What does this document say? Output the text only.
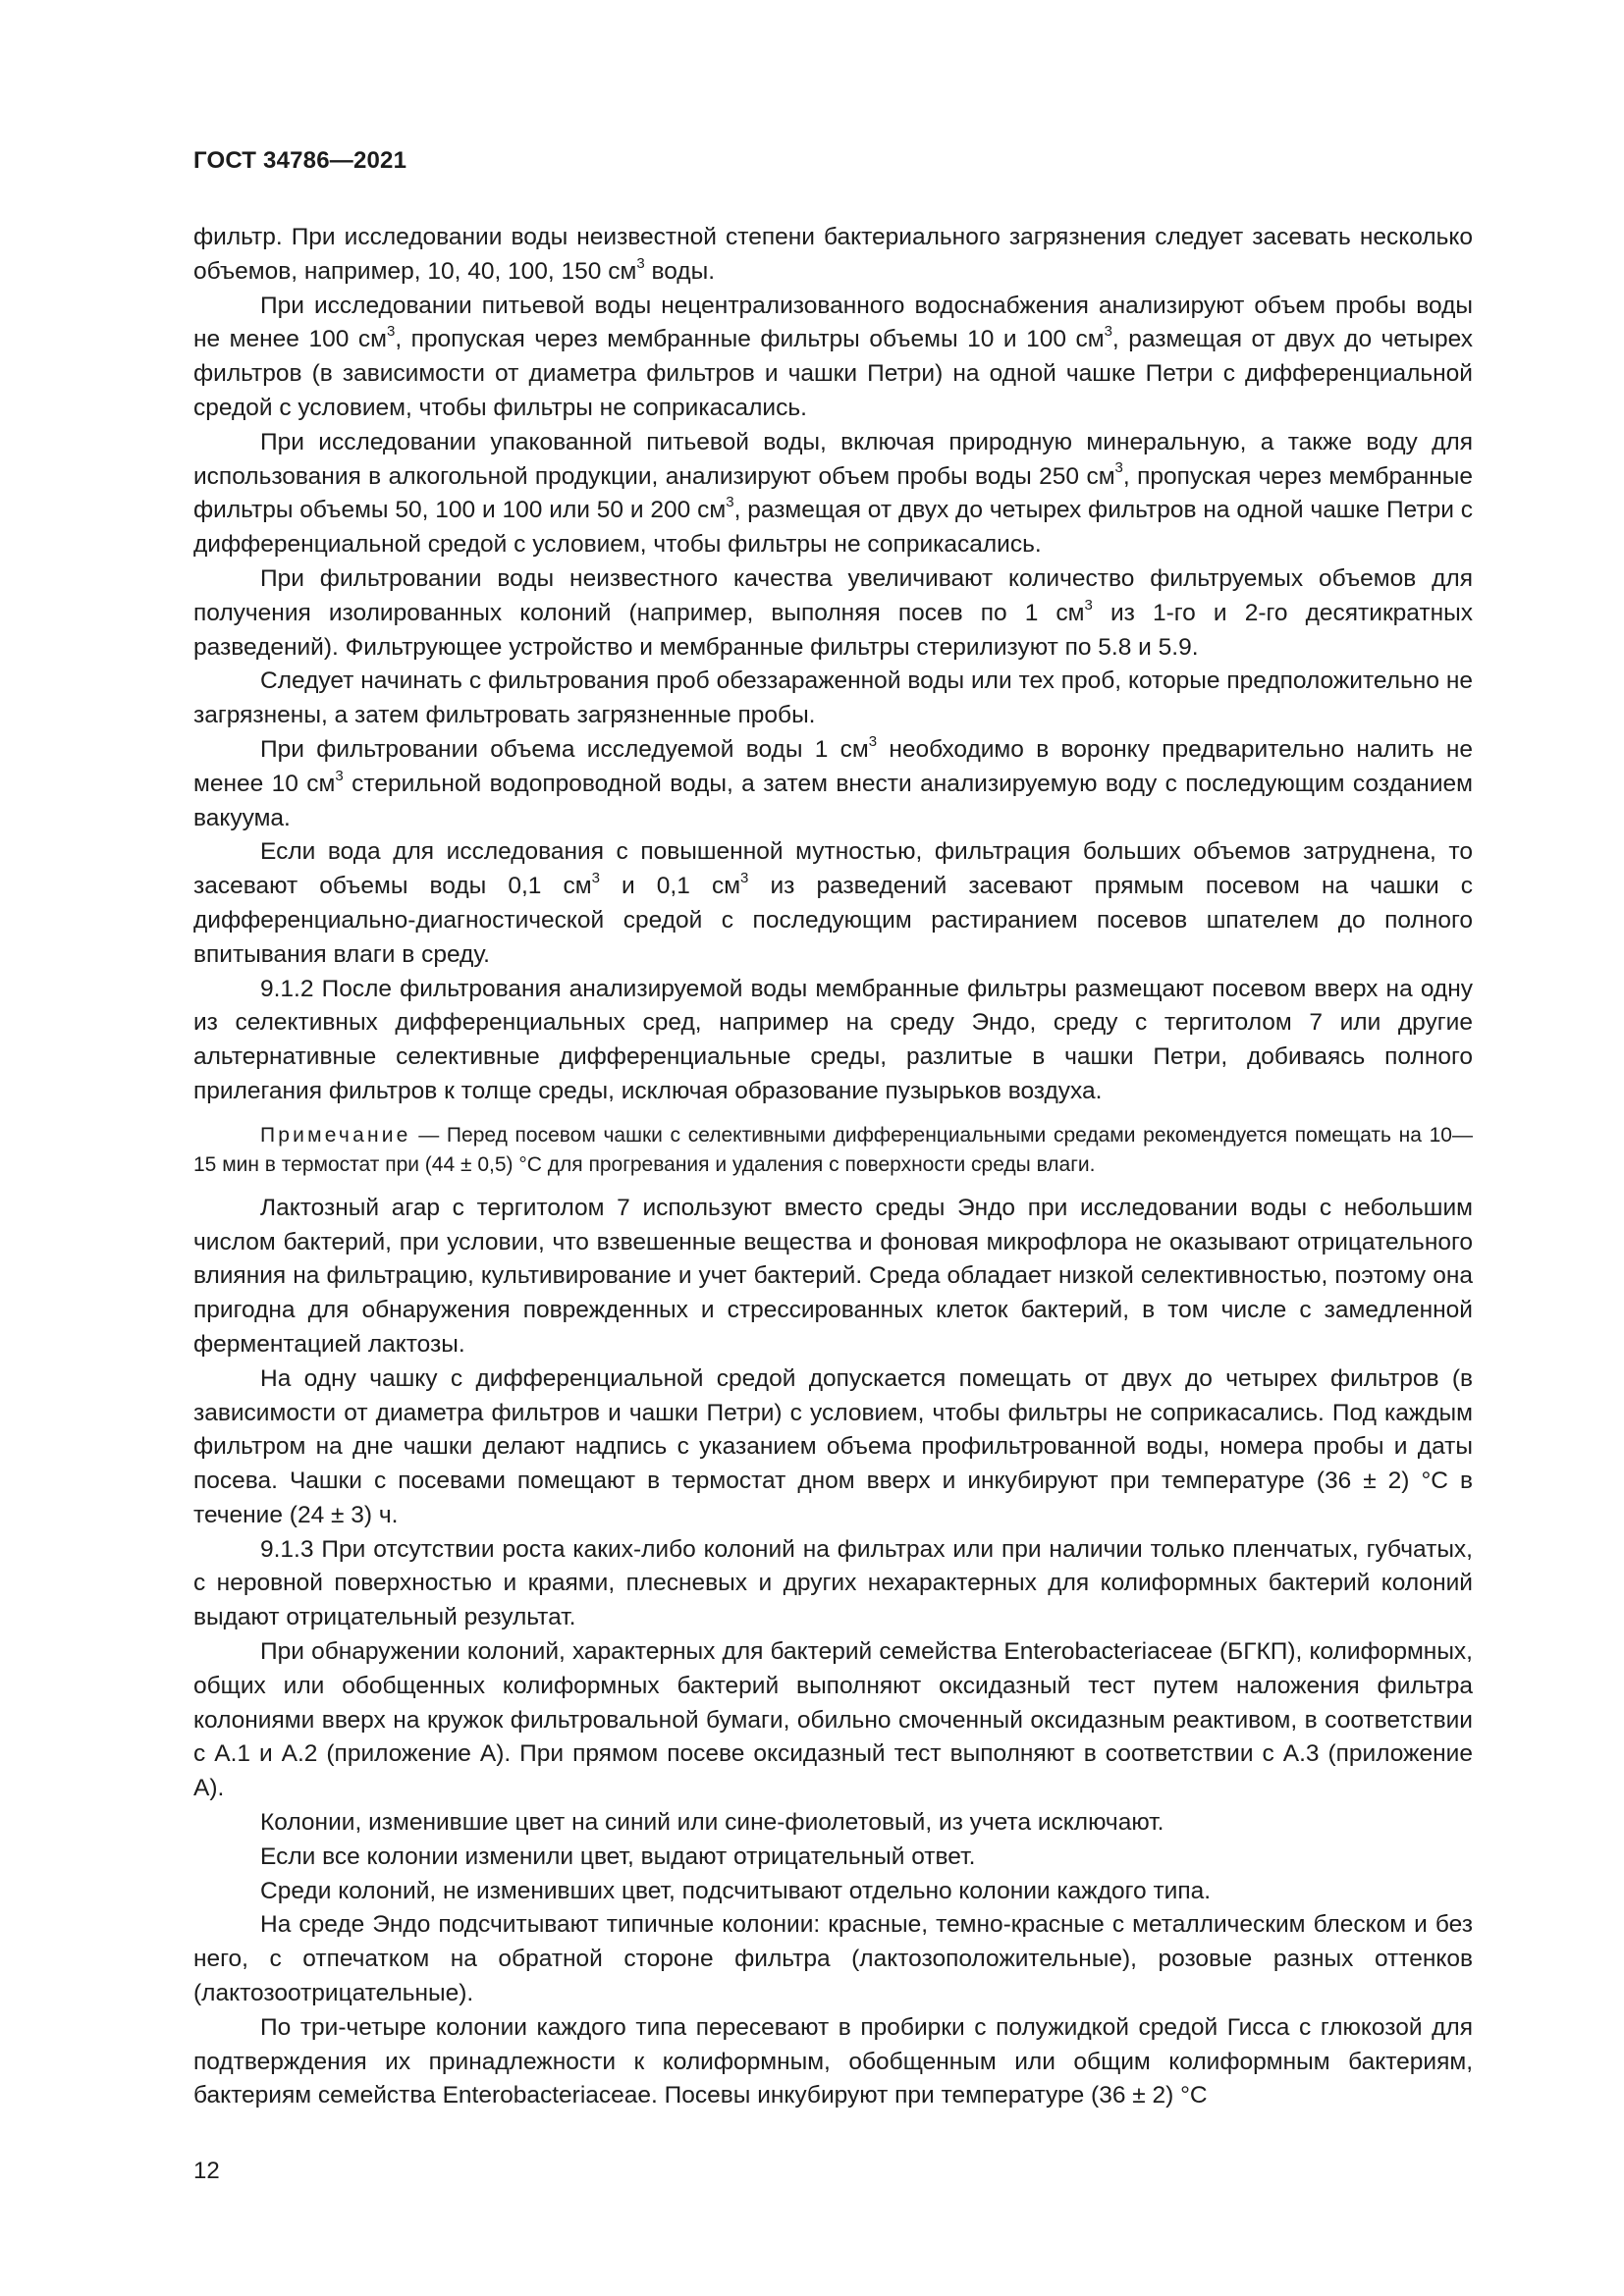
ГОСТ 34786—2021

фильтр. При исследовании воды неизвестной степени бактериального загрязнения следует засевать несколько объемов, например, 10, 40, 100, 150 $см^3$ воды.

При исследовании питьевой воды нецентрализованного водоснабжения анализируют объем пробы воды не менее 100 $см^3$, пропуская через мембранные фильтры объемы 10 и 100 $см^3$, размещая от двух до четырех фильтров (в зависимости от диаметра фильтров и чашки Петри) на одной чашке Петри с дифференциальной средой с условием, чтобы фильтры не соприкасались.

При исследовании упакованной питьевой воды, включая природную минеральную, а также воду для использования в алкогольной продукции, анализируют объем пробы воды 250 $см^3$, пропуская через мембранные фильтры объемы 50, 100 и 100 или 50 и 200 $см^3$, размещая от двух до четырех фильтров на одной чашке Петри с дифференциальной средой с условием, чтобы фильтры не соприкасались.

При фильтровании воды неизвестного качества увеличивают количество фильтруемых объемов для получения изолированных колоний (например, выполняя посев по 1 $см^3$ из 1-го и 2-го десятикратных разведений). Фильтрующее устройство и мембранные фильтры стерилизуют по 5.8 и 5.9.

Следует начинать с фильтрования проб обеззараженной воды или тех проб, которые предположительно не загрязнены, а затем фильтровать загрязненные пробы.

При фильтровании объема исследуемой воды 1 $см^3$ необходимо в воронку предварительно налить не менее 10 $см^3$ стерильной водопроводной воды, а затем внести анализируемую воду с последующим созданием вакуума.

Если вода для исследования с повышенной мутностью, фильтрация больших объемов затруднена, то засевают объемы воды 0,1 $см^3$ и 0,1 $см^3$ из разведений засевают прямым посевом на чашки с дифференциально-диагностической средой с последующим растиранием посевов шпателем до полного впитывания влаги в среду.

9.1.2 После фильтрования анализируемой воды мембранные фильтры размещают посевом вверх на одну из селективных дифференциальных сред, например на среду Эндо, среду с тергитолом 7 или другие альтернативные селективные дифференциальные среды, разлитые в чашки Петри, добиваясь полного прилегания фильтров к толще среды, исключая образование пузырьков воздуха.

Примечание — Перед посевом чашки с селективными дифференциальными средами рекомендуется помещать на 10—15 мин в термостат при (44 ± 0,5) °С для прогревания и удаления с поверхности среды влаги.

Лактозный агар с тергитолом 7 используют вместо среды Эндо при исследовании воды с небольшим числом бактерий, при условии, что взвешенные вещества и фоновая микрофлора не оказывают отрицательного влияния на фильтрацию, культивирование и учет бактерий. Среда обладает низкой селективностью, поэтому она пригодна для обнаружения поврежденных и стрессированных клеток бактерий, в том числе с замедленной ферментацией лактозы.

На одну чашку с дифференциальной средой допускается помещать от двух до четырех фильтров (в зависимости от диаметра фильтров и чашки Петри) с условием, чтобы фильтры не соприкасались. Под каждым фильтром на дне чашки делают надпись с указанием объема профильтрованной воды, номера пробы и даты посева. Чашки с посевами помещают в термостат дном вверх и инкубируют при температуре (36 ± 2) °С в течение (24 ± 3) ч.

9.1.3 При отсутствии роста каких-либо колоний на фильтрах или при наличии только пленчатых, губчатых, с неровной поверхностью и краями, плесневых и других нехарактерных для колиформных бактерий колоний выдают отрицательный результат.

При обнаружении колоний, характерных для бактерий семейства Enterobacteriaceae (БГКП), колиформных, общих или обобщенных колиформных бактерий выполняют оксидазный тест путем наложения фильтра колониями вверх на кружок фильтровальной бумаги, обильно смоченный оксидазным реактивом, в соответствии с А.1 и А.2 (приложение А). При прямом посеве оксидазный тест выполняют в соответствии с А.3 (приложение А).

Колонии, изменившие цвет на синий или сине-фиолетовый, из учета исключают.

Если все колонии изменили цвет, выдают отрицательный ответ.

Среди колоний, не изменивших цвет, подсчитывают отдельно колонии каждого типа.

На среде Эндо подсчитывают типичные колонии: красные, темно-красные с металлическим блеском и без него, с отпечатком на обратной стороне фильтра (лактозоположительные), розовые разных оттенков (лактозоотрицательные).

По три-четыре колонии каждого типа пересевают в пробирки с полужидкой средой Гисса с глюкозой для подтверждения их принадлежности к колиформным, обобщенным или общим колиформным бактериям, бактериям семейства Enterobacteriaceae. Посевы инкубируют при температуре (36 ± 2) °С

12
